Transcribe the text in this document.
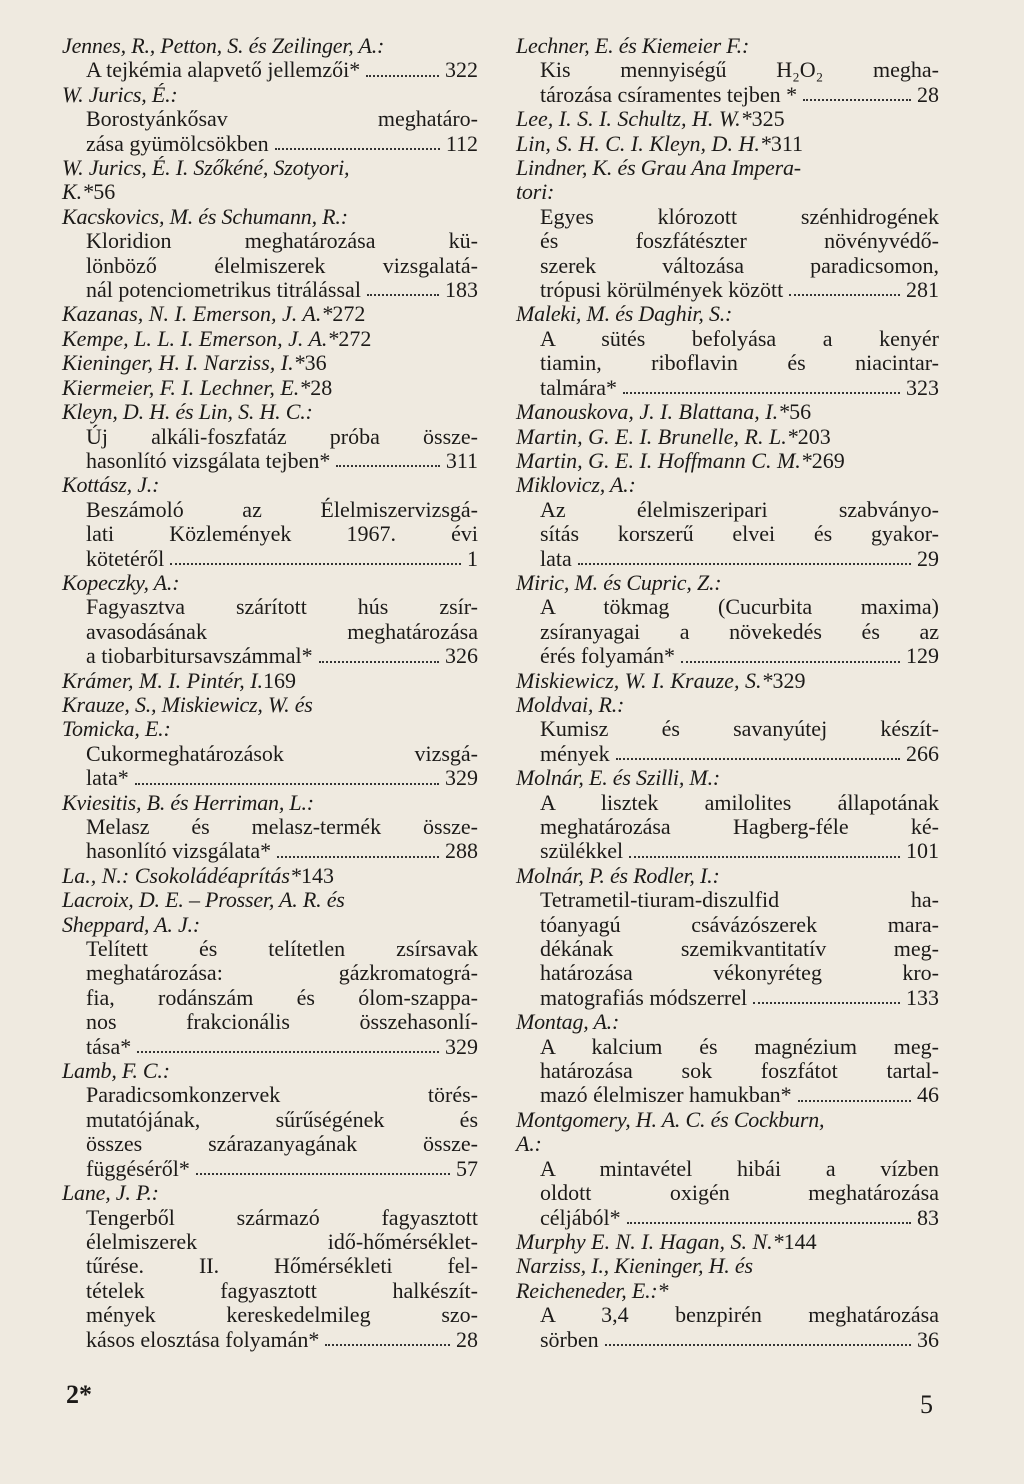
Jennes, R., Petton, S. és Zeilinger, A.:
A tejkémia alapvető jellemzői*	322
W. Jurics, É.:
Borostyánkősav meghatáro-
zása gyümölcsökben	112
W. Jurics, É. I. Szőkéné, Szotyori,
K.* 56
Kacskovics, M. és Schumann, R.:
Kloridion meghatározása kü-
lönböző élelmiszerek vizsgalatá-
nál potenciometrikus titrálással	183
Kazanas, N. I. Emerson, J. A.* 272
Kempe, L. L. I. Emerson, J. A.* 272
Kieninger, H. I. Narziss, I.* 36
Kiermeier, F. I. Lechner, E.* 28
Kleyn, D. H. és Lin, S. H. C.:
Új alkáli-foszfatáz próba össze-
hasonlító vizsgálata tejben*	311
Kottász, J.:
Beszámoló az Élelmiszervizsgá-
lati Közlemények 1967. évi
kötetéről	1
Kopeczky, A.:
Fagyasztva szárított hús zsír-
avasodásának meghatározása
a tiobarbitursavszámmal*	326
Krámer, M. I. Pintér, I. 169
Krauze, S., Miskiewicz, W. és
Tomicka, E.:
Cukormeghatározások vizsgá-
lata*	329
Kviesitis, B. és Herriman, L.:
Melasz és melasz-termék össze-
hasonlító vizsgálata*	288
La., N.: Csokoládéaprítás* 143
Lacroix, D. E. – Prosser, A. R. és
Sheppard, A. J.:
Telített és telítetlen zsírsavak
meghatározása: gázkromatográ-
fia, rodánszám és ólom-szappa-
nos frakcionális összehasonlí-
tása*	329
Lamb, F. C.:
Paradicsomkonzervek törés-
mutatójának, sűrűségének és
összes szárazanyagának össze-
függéséről*	57
Lane, J. P.:
Tengerből származó fagyasztott
élelmiszerek idő-hőmérséklet-
tűrése. II. Hőmérsékleti fel-
tételek fagyasztott halkészít-
mények kereskedelmileg szo-
kásos elosztása folyamán*	28
Lechner, E. és Kiemeier F.:
Kis mennyiségű H₂O₂ megha-
tározása csíramentes tejben *	28
Lee, I. S. I. Schultz, H. W.* 325
Lin, S. H. C. I. Kleyn, D. H.* 311
Lindner, K. és Grau Ana Impera-
tori:
Egyes klórozott szénhidrogének
és foszfátészter növényvédő-
szerek változása paradicsomon,
trópusi körülmények között	281
Maleki, M. és Daghir, S.:
A sütés befolyása a kenyér
tiamin, riboflavin és niacintar-
talmára*	323
Manouskova, J. I. Blattana, I.* 56
Martin, G. E. I. Brunelle, R. L.* 203
Martin, G. E. I. Hoffmann C. M.* 269
Miklovicz, A.:
Az élelmiszeripari szabványo-
sítás korszerű elvei és gyakor-
lata	29
Miric, M. és Cupric, Z.:
A tökmag (Cucurbita maxima)
zsíranyagai a növekedés és az
érés folyamán*	129
Miskiewicz, W. I. Krauze, S.* 329
Moldvai, R.:
Kumisz és savanyútej készít-
mények	266
Molnár, E. és Szilli, M.:
A lisztek amilolites állapotának
meghatározása Hagberg-féle ké-
szülékkel	101
Molnár, P. és Rodler, I.:
Tetrametil-tiuram-diszulfid ha-
tóanyagú csávázószerek mara-
dékának szemikvantitatív meg-
határozása vékonyréteg kro-
matografiás módszerrel	133
Montag, A.:
A kalcium és magnézium meg-
határozása sok foszfátot tartal-
mazó élelmiszer hamukban*	46
Montgomery, H. A. C. és Cockburn,
A.:
A mintavétel hibái a vízben
oldott oxigén meghatározása
céljából*	83
Murphy E. N. I. Hagan, S. N.* 144
Narziss, I., Kieninger, H. és
Reicheneder, E.:*
A 3,4 benzpirén meghatározása
sörben	36
2*	5
